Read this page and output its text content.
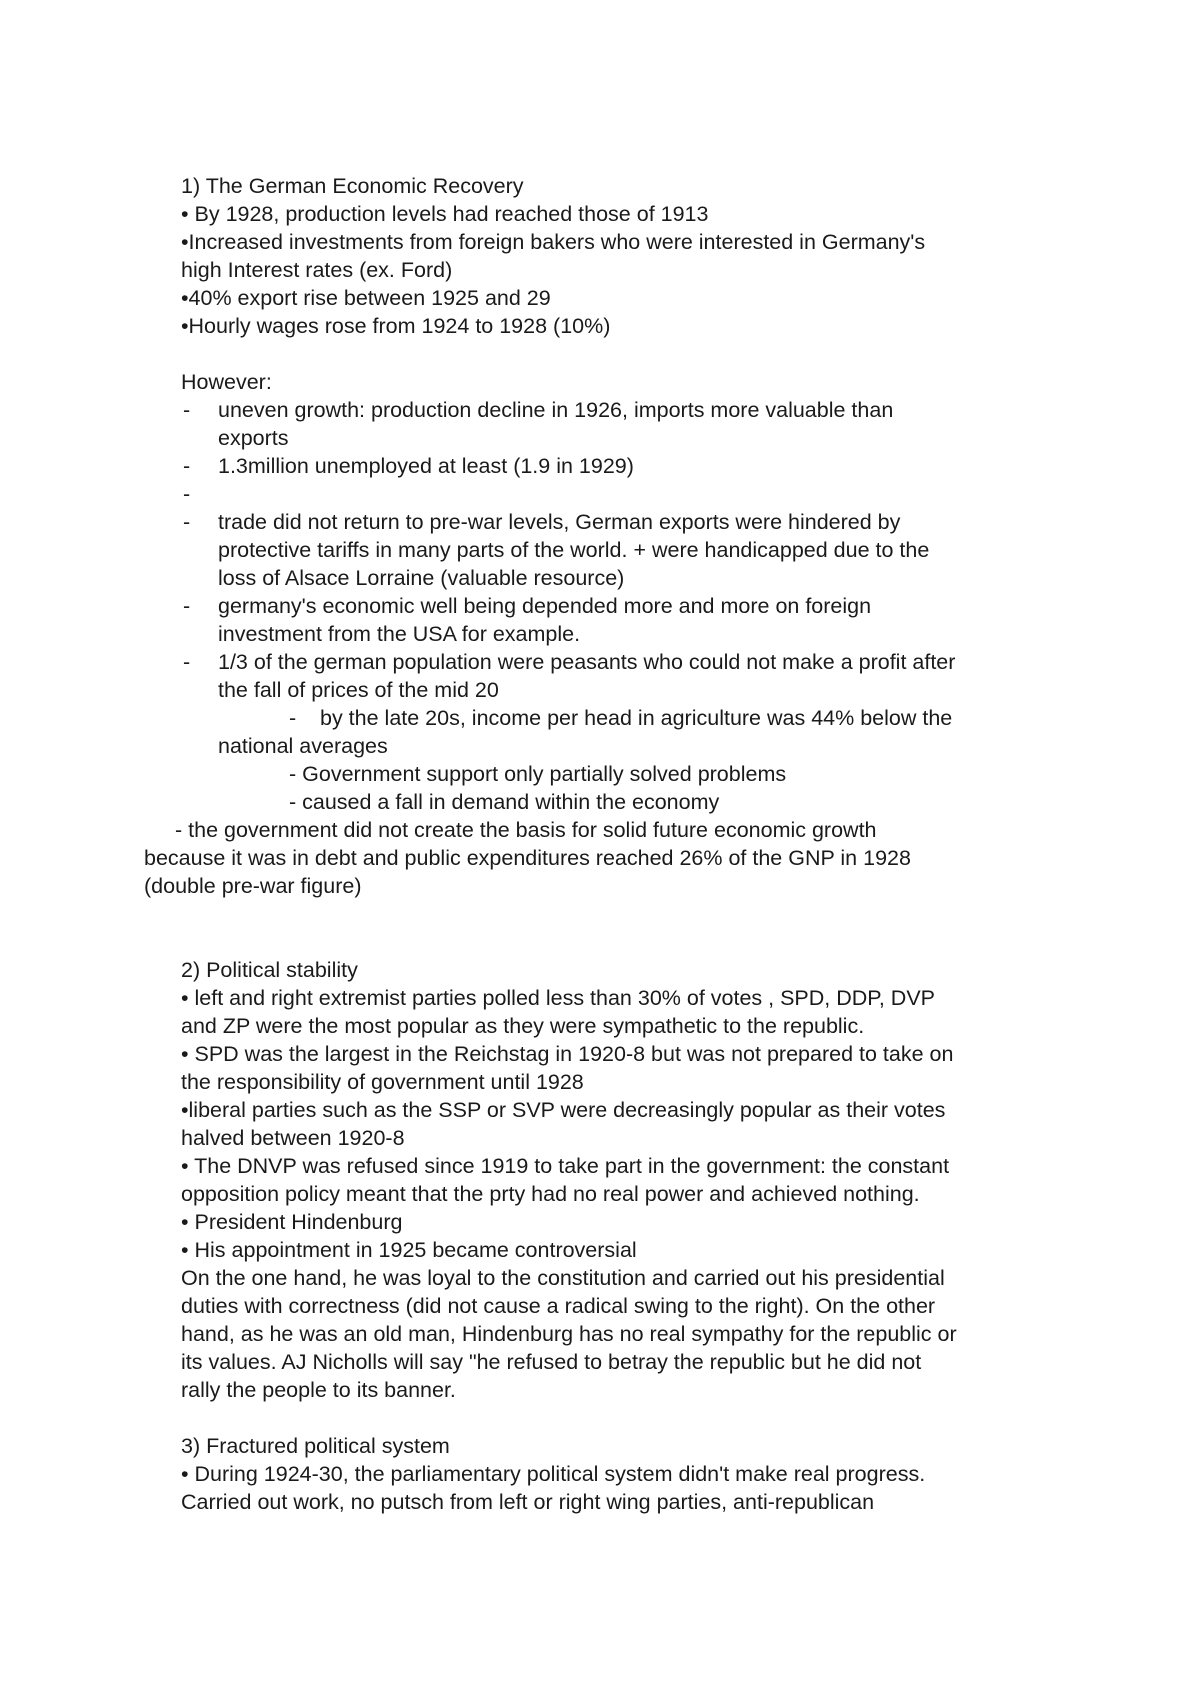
1) The German Economic Recovery
• By 1928, production levels had reached those of 1913
•Increased investments from foreign bakers who were interested in Germany's
high Interest rates (ex. Ford)
•40% export rise between 1925 and 29
•Hourly wages rose from 1924 to 1928 (10%)
However:
- uneven growth: production decline in 1926, imports more valuable than
exports
- 1.3million unemployed at least (1.9 in 1929)
-
- trade did not return to pre-war levels, German exports were hindered by
protective tariffs in many parts of the world. + were handicapped due to the
loss of Alsace Lorraine (valuable resource)
- germany's economic well being depended more and more on foreign
investment from the USA for example.
- 1/3 of the german population were peasants who could not make a profit after
the fall of prices of the mid 20
- by the late 20s, income per head in agriculture was 44% below the
national averages
- Government support only partially solved problems
- caused a fall in demand within the economy
- the government did not create the basis for solid future economic growth
because it was in debt and public expenditures reached 26% of the GNP in 1928
(double pre-war figure)
2) Political stability
• left and right extremist parties polled less than 30% of votes , SPD, DDP, DVP
and ZP were the most popular as they were sympathetic to the republic.
• SPD was the largest in the Reichstag in 1920-8 but was not prepared to take on
the responsibility of government until 1928
•liberal parties such as the SSP or SVP were decreasingly popular as their votes
halved between 1920-8
• The DNVP was refused since 1919 to take part in the government: the constant
opposition policy meant that the prty had no real power and achieved nothing.
• President Hindenburg
• His appointment in 1925 became controversial
On the one hand, he was loyal to the constitution and carried out his presidential
duties with correctness (did not cause a radical swing to the right). On the other
hand, as he was an old man, Hindenburg has no real sympathy for the republic or
its values. AJ Nicholls will say "he refused to betray the republic but he did not
rally the people to its banner.
3) Fractured political system
• During 1924-30, the parliamentary political system didn't make real progress.
Carried out work, no putsch from left or right wing parties, anti-republican
